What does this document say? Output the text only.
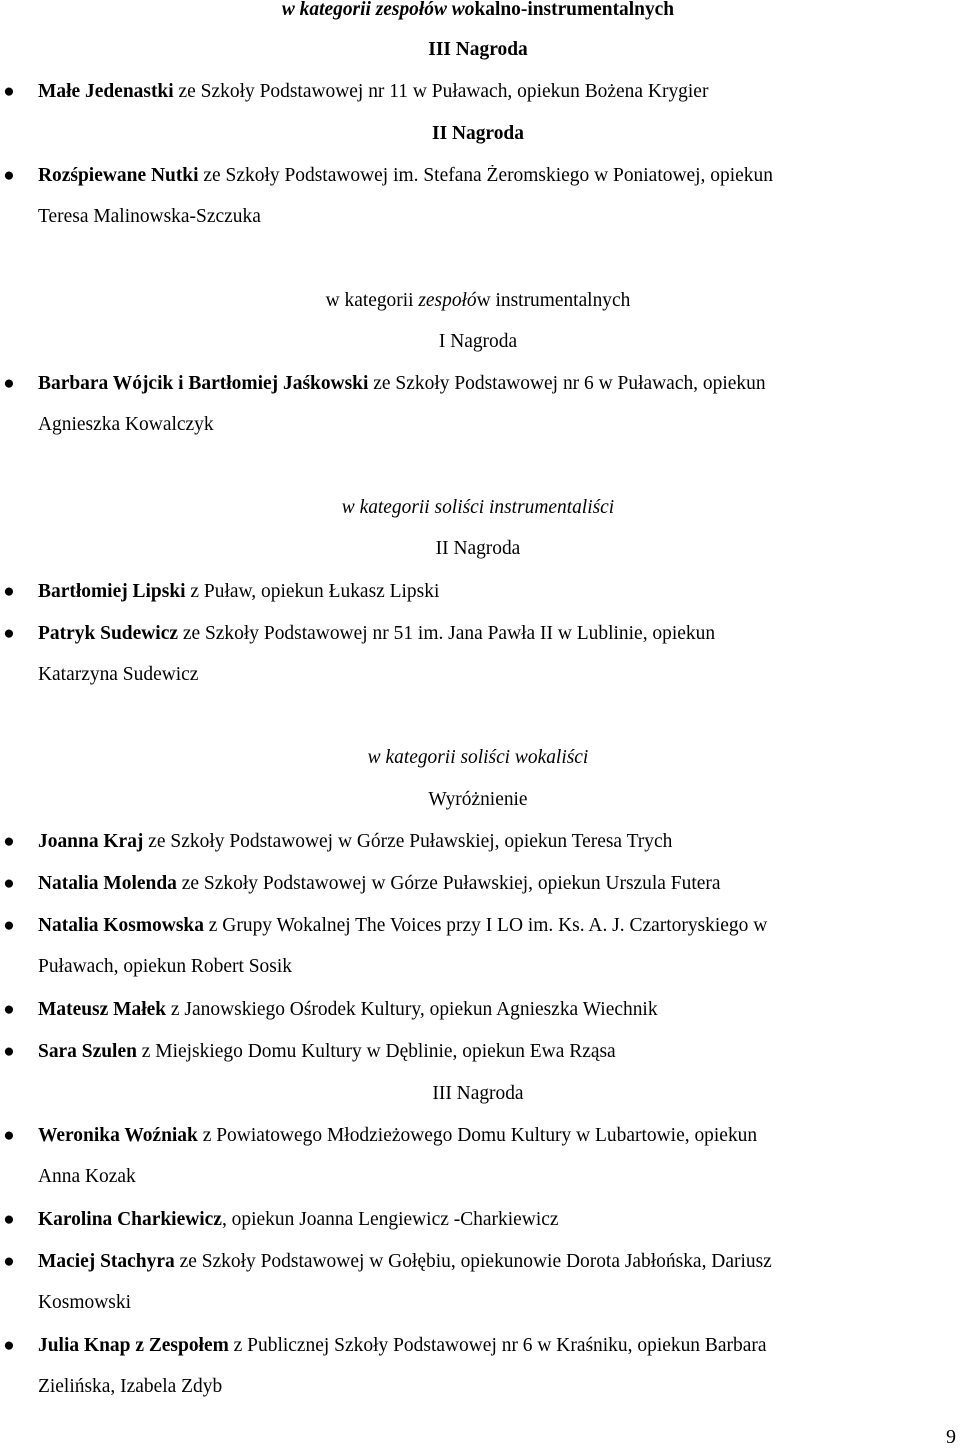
w kategorii zespołów wokalno-instrumentalnych
III Nagroda
● Małe Jedenastki ze Szkoły Podstawowej nr 11 w Puławach, opiekun Bożena Krygier
II Nagroda
● Rozśpiewane Nutki ze Szkoły Podstawowej im. Stefana Żeromskiego w Poniatowej, opiekun
Teresa Malinowska-Szczuka
w kategorii zespołów instrumentalnych
I Nagroda
● Barbara Wójcik i Bartłomiej Jaśkowski ze Szkoły Podstawowej nr 6 w Puławach, opiekun
Agnieszka Kowalczyk
w kategorii soliści instrumentaliści
II Nagroda
● Bartłomiej Lipski z Puław, opiekun Łukasz Lipski
● Patryk Sudewicz ze Szkoły Podstawowej nr 51 im. Jana Pawła II w Lublinie, opiekun
Katarzyna Sudewicz
w kategorii soliści wokaliści
Wyróżnienie
● Joanna Kraj ze Szkoły Podstawowej w Górze Puławskiej, opiekun Teresa Trych
● Natalia Molenda ze Szkoły Podstawowej w Górze Puławskiej, opiekun Urszula Futera
● Natalia Kosmowska z Grupy Wokalnej The Voices przy I LO im. Ks. A. J. Czartoryskiego w
Puławach, opiekun Robert Sosik
● Mateusz Małek z Janowskiego Ośrodek Kultury, opiekun Agnieszka Wiechnik
● Sara Szulen z Miejskiego Domu Kultury w Dęblinie, opiekun Ewa Rząsa
III Nagroda
● Weronika Woźniak z Powiatowego Młodzieżowego Domu Kultury w Lubartowie, opiekun
Anna Kozak
● Karolina Charkiewicz, opiekun Joanna Lengiewicz -Charkiewicz
● Maciej Stachyra ze Szkoły Podstawowej w Gołębiu, opiekunowie Dorota Jabłońska, Dariusz
Kosmowski
● Julia Knap z Zespołem z Publicznej Szkoły Podstawowej nr 6 w Kraśniku, opiekun Barbara
Zielińska, Izabela Zdyb
9
